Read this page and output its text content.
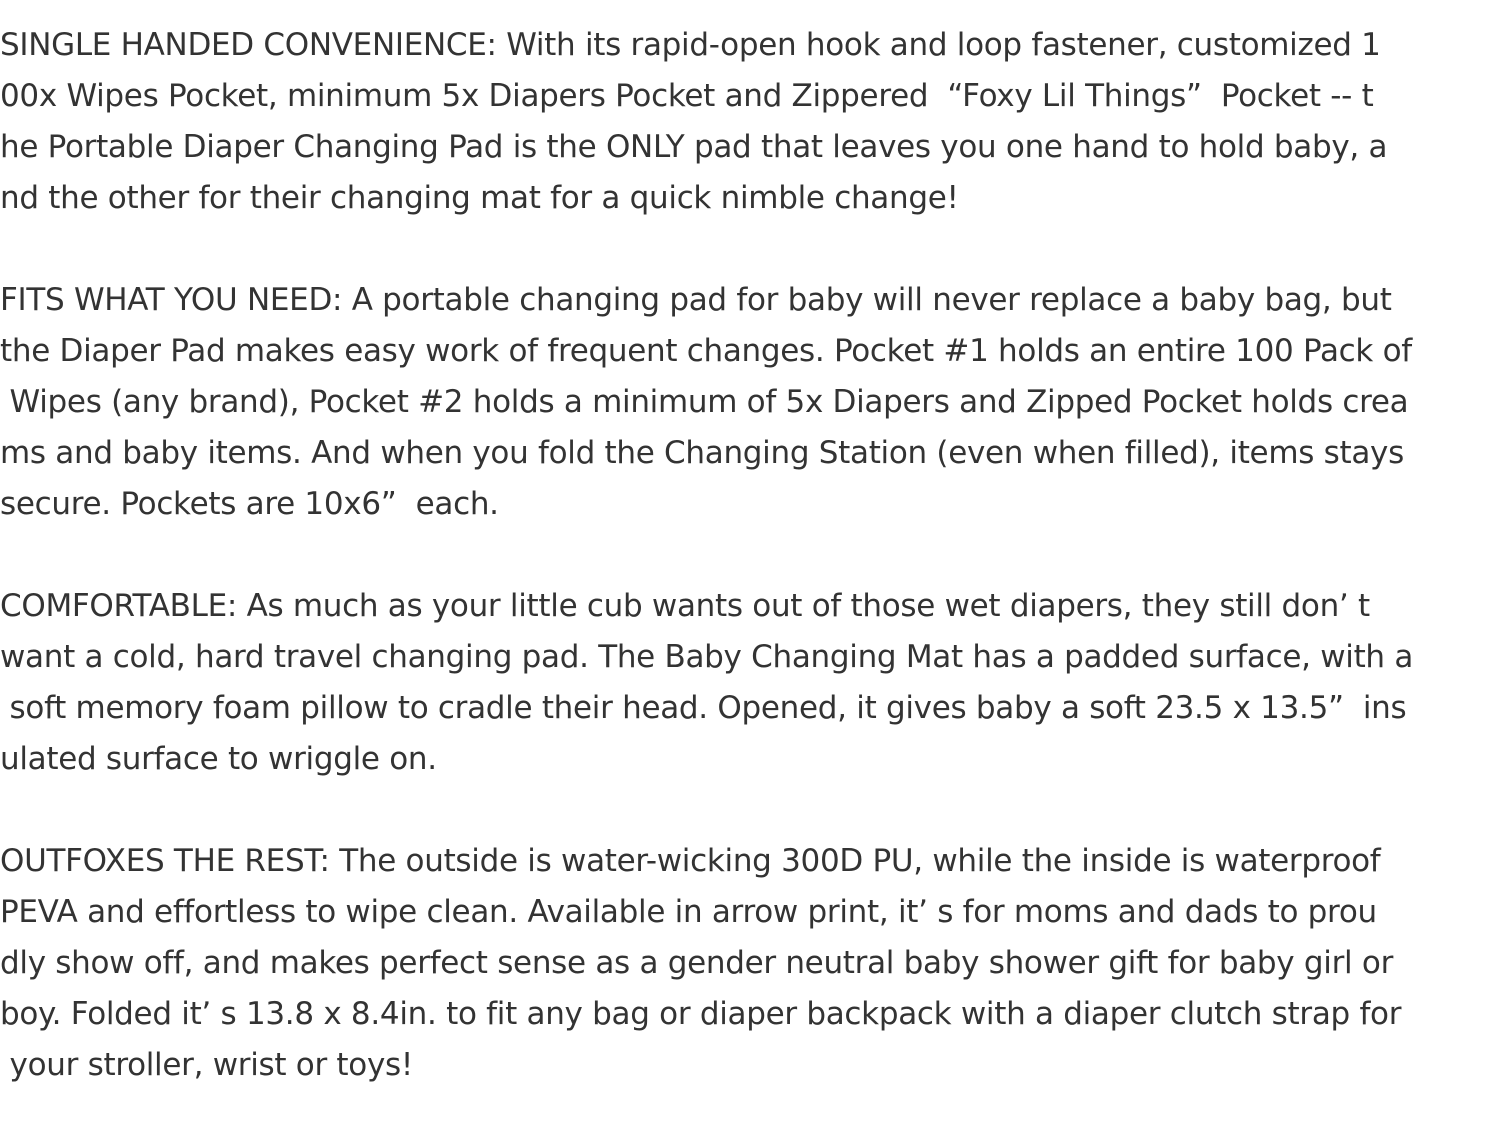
SINGLE HANDED CONVENIENCE: With its rapid-open hook and loop fastener, customized 1
00x Wipes Pocket, minimum 5x Diapers Pocket and Zippered  “Foxy Lil Things”  Pocket -- t
he Portable Diaper Changing Pad is the ONLY pad that leaves you one hand to hold baby, a
nd the other for their changing mat for a quick nimble change!
FITS WHAT YOU NEED: A portable changing pad for baby will never replace a baby bag, but
the Diaper Pad makes easy work of frequent changes. Pocket #1 holds an entire 100 Pack of
Wipes (any brand), Pocket #2 holds a minimum of 5x Diapers and Zipped Pocket holds crea
ms and baby items. And when you fold the Changing Station (even when filled), items stays
secure. Pockets are 10x6”  each.
COMFORTABLE: As much as your little cub wants out of those wet diapers, they still don’ t
want a cold, hard travel changing pad. The Baby Changing Mat has a padded surface, with a
soft memory foam pillow to cradle their head. Opened, it gives baby a soft 23.5 x 13.5”  ins
ulated surface to wriggle on.
OUTFOXES THE REST: The outside is water-wicking 300D PU, while the inside is waterproof
PEVA and effortless to wipe clean. Available in arrow print, it’ s for moms and dads to prou
dly show off, and makes perfect sense as a gender neutral baby shower gift for baby girl or
boy. Folded it’ s 13.8 x 8.4in. to fit any bag or diaper backpack with a diaper clutch strap for
your stroller, wrist or toys!
